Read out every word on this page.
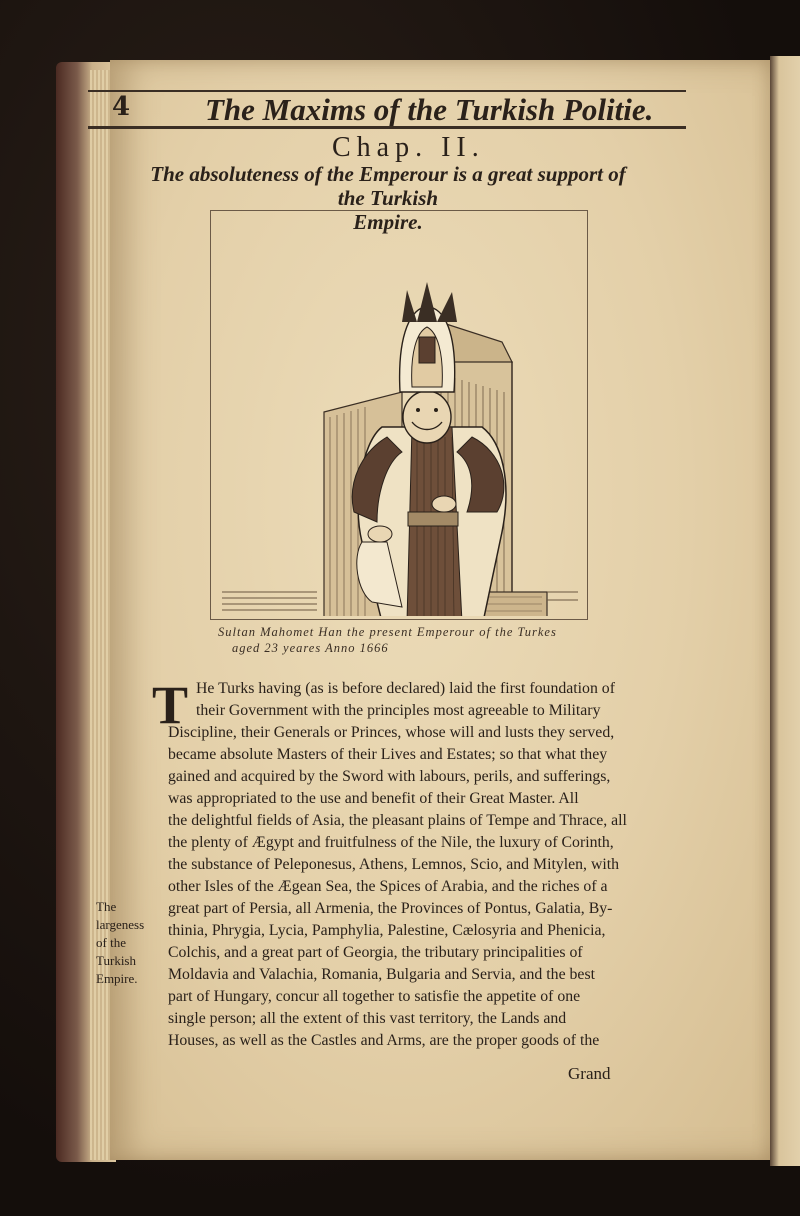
4 The Maxims of the Turkish Politie.
Chap. II.
The absoluteness of the Emperour is a great support of the Turkish
Empire.
Sultan Mahomet Han the present Emperour of the Turkes
aged 23 yeares Anno 1666
T He Turks having (as is before declared) laid the first foundation of
their Government with the principles most agreeable to Military
Discipline, their Generals or Princes, whose will and lusts they served,
became absolute Masters of their Lives and Estates; so that what they
gained and acquired by the Sword with labours, perils, and sufferings,
was appropriated to the use and benefit of their Great Master. All
the delightful fields of Asia, the pleasant plains of Tempe and Thrace, all
the plenty of Ægypt and fruitfulness of the Nile, the luxury of Corinth,
the substance of Peleponesus, Athens, Lemnos, Scio, and Mitylen, with
other Isles of the Ægean Sea, the Spices of Arabia, and the riches of a
great part of Persia, all Armenia, the Provinces of Pontus, Galatia, By-
thinia, Phrygia, Lycia, Pamphylia, Palestine, Cælosyria and Phenicia,
Colchis, and a great part of Georgia, the tributary principalities of
Moldavia and Valachia, Romania, Bulgaria and Servia, and the best
part of Hungary, concur all together to satisfie the appetite of one
single person; all the extent of this vast territory, the Lands and
Houses, as well as the Castles and Arms, are the proper goods of the
The largeness
of the Turkish
Empire.
Grand
